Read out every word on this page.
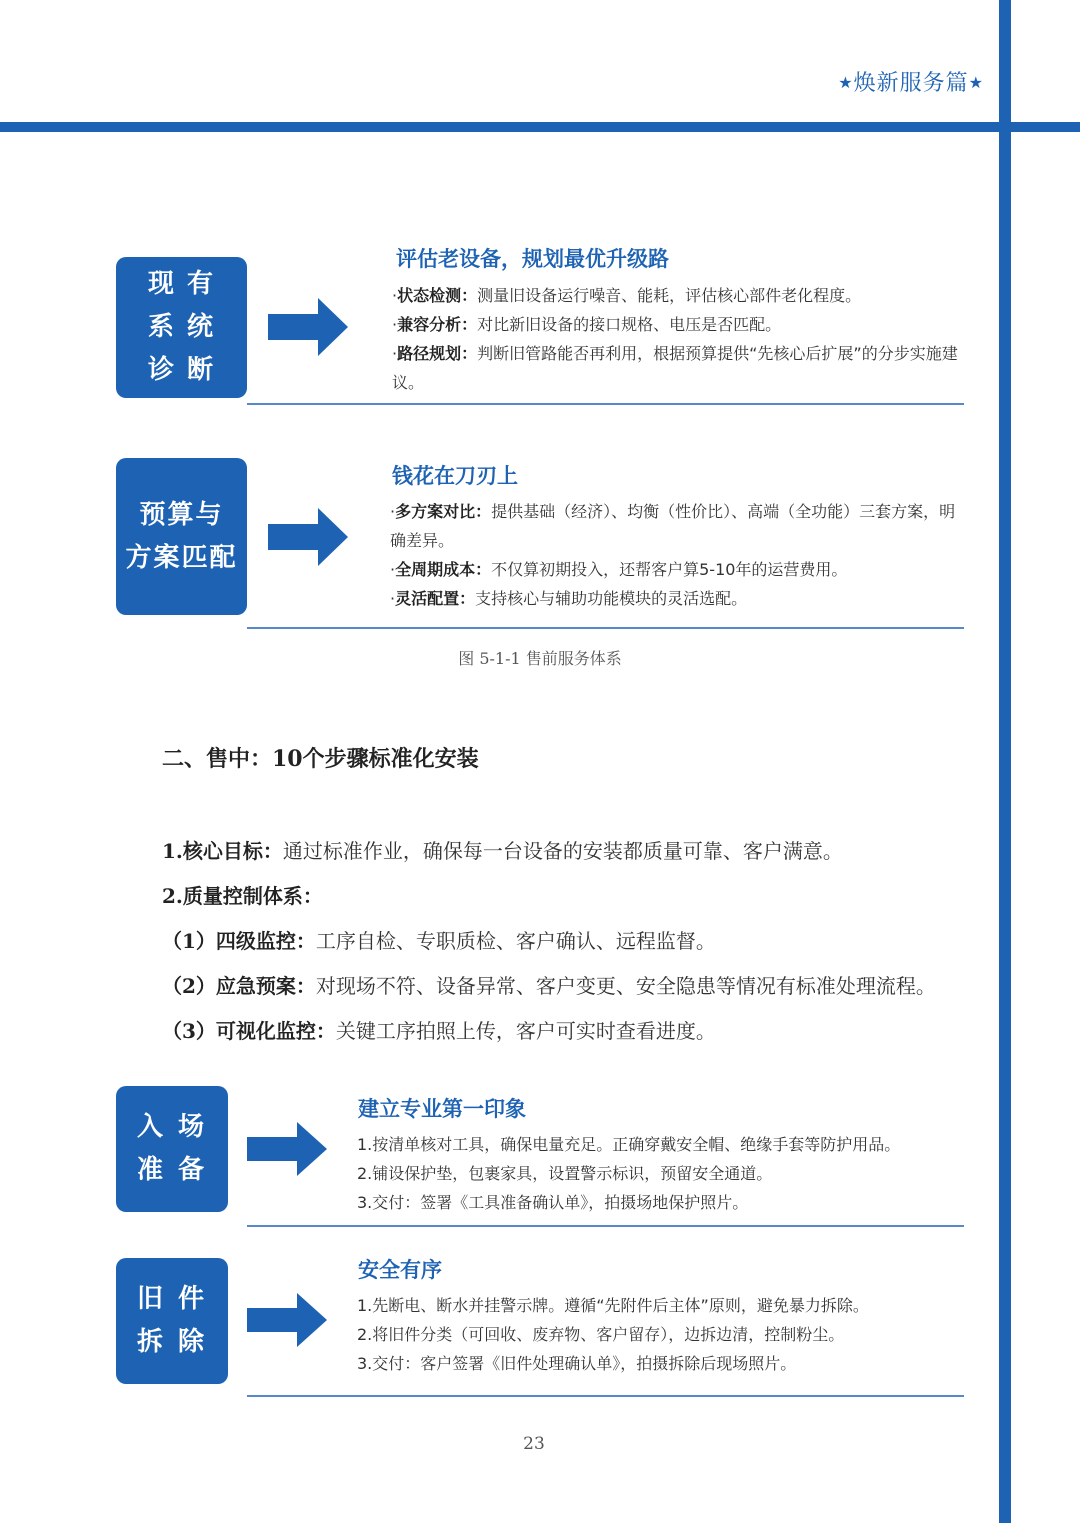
★焕新服务篇★
现 有
系 统
诊 断
评估老设备，规划最优升级路
·状态检测：测量旧设备运行噪音、能耗，评估核心部件老化程度。
·兼容分析：对比新旧设备的接口规格、电压是否匹配。
·路径规划：判断旧管路能否再利用，根据预算提供“先核心后扩展”的分步实施建议。
预算与
方案匹配
钱花在刀刃上
·多方案对比：提供基础（经济）、均衡（性价比）、高端（全功能）三套方案，明确差异。
·全周期成本：不仅算初期投入，还帮客户算5-10年的运营费用。
·灵活配置：支持核心与辅助功能模块的灵活选配。
图 5-1-1 售前服务体系
二、售中：10个步骤标准化安装
1.核心目标：通过标准作业，确保每一台设备的安装都质量可靠、客户满意。
2.质量控制体系：
（1）四级监控：工序自检、专职质检、客户确认、远程监督。
（2）应急预案：对现场不符、设备异常、客户变更、安全隐患等情况有标准处理流程。
（3）可视化监控：关键工序拍照上传，客户可实时查看进度。
入 场
准 备
建立专业第一印象
1.按清单核对工具，确保电量充足。正确穿戴安全帽、绝缘手套等防护用品。
2.铺设保护垫，包裹家具，设置警示标识，预留安全通道。
3.交付：签署《工具准备确认单》，拍摄场地保护照片。
旧 件
拆 除
安全有序
1.先断电、断水并挂警示牌。遵循“先附件后主体”原则，避免暴力拆除。
2.将旧件分类（可回收、废弃物、客户留存），边拆边清，控制粉尘。
3.交付：客户签署《旧件处理确认单》，拍摄拆除后现场照片。
23
